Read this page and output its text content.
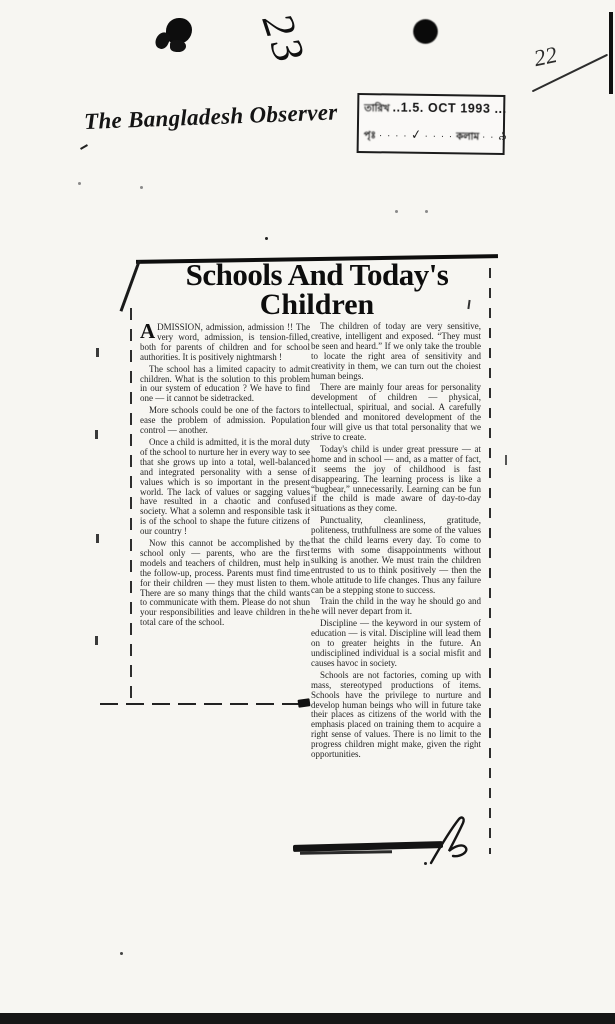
23	22
The Bangladesh Observer	তারিখ ..1.5. OCT 1993 ...
পৃঃ · · · · ✓ · · · · কলাম · · ৯
Schools And Today's
Children

ADMISSION, admission, admission !! The very word, admission, is tension-filled, both for parents of children and for school authorities. It is positively nightmarsh !

The school has a limited capacity to admit children. What is the solution to this problem in our system of education ? We have to find one — it cannot be sidetracked.

More schools could be one of the factors to ease the problem of admission. Population control — another.

Once a child is admitted, it is the moral duty of the school to nurture her in every way to see that she grows up into a total, well-balanced and integrated personality with a sense of values which is so important in the present world. The lack of values or sagging values have resulted in a chaotic and confused society. What a solemn and responsible task it is of the school to shape the future citizens of our country !

Now this cannot be accomplished by the school only — parents, who are the first models and teachers of children, must help in the follow-up, process. Parents must find time for their children — they must listen to them. There are so many things that the child wants to communicate with them. Please do not shun your responsibilities and leave children in the total care of the school.

The children of today are very sensitive, creative, intelligent and exposed. “They must be seen and heard.” If we only take the trouble to locate the right area of sensitivity and creativity in them, we can turn out the choiest human beings.

There are mainly four areas for personality development of children — physical, intellectual, spiritual, and social. A carefully blended and monitored development of the four will give us that total personality that we strive to create.

Today's child is under great pressure — at home and in school — and, as a matter of fact, it seems the joy of childhood is fast disappearing. The learning process is like a “bugbear,” unnecessarily. Learning can be fun if the child is made aware of day-to-day situations as they come.

Punctuality, cleanliness, gratitude, politeness, truthfullness are some of the values that the child learns every day. To come to terms with some disappointments without sulking is another. We must train the children entrusted to us to think positively — then the whole attitude to life changes. Thus any failure can be a stepping stone to success.

Train the child in the way he should go and he will never depart from it.

Discipline — the keyword in our system of education — is vital. Discipline will lead them on to greater heights in the future. An undisciplined individual is a social misfit and causes havoc in society.

Schools are not factories, coming up with mass, stereotyped productions of items. Schools have the privilege to nurture and develop human beings who will in future take their places as citizens of the world with the emphasis placed on training them to acquire a right sense of values. There is no limit to the progress children might make, given the right opportunities.
